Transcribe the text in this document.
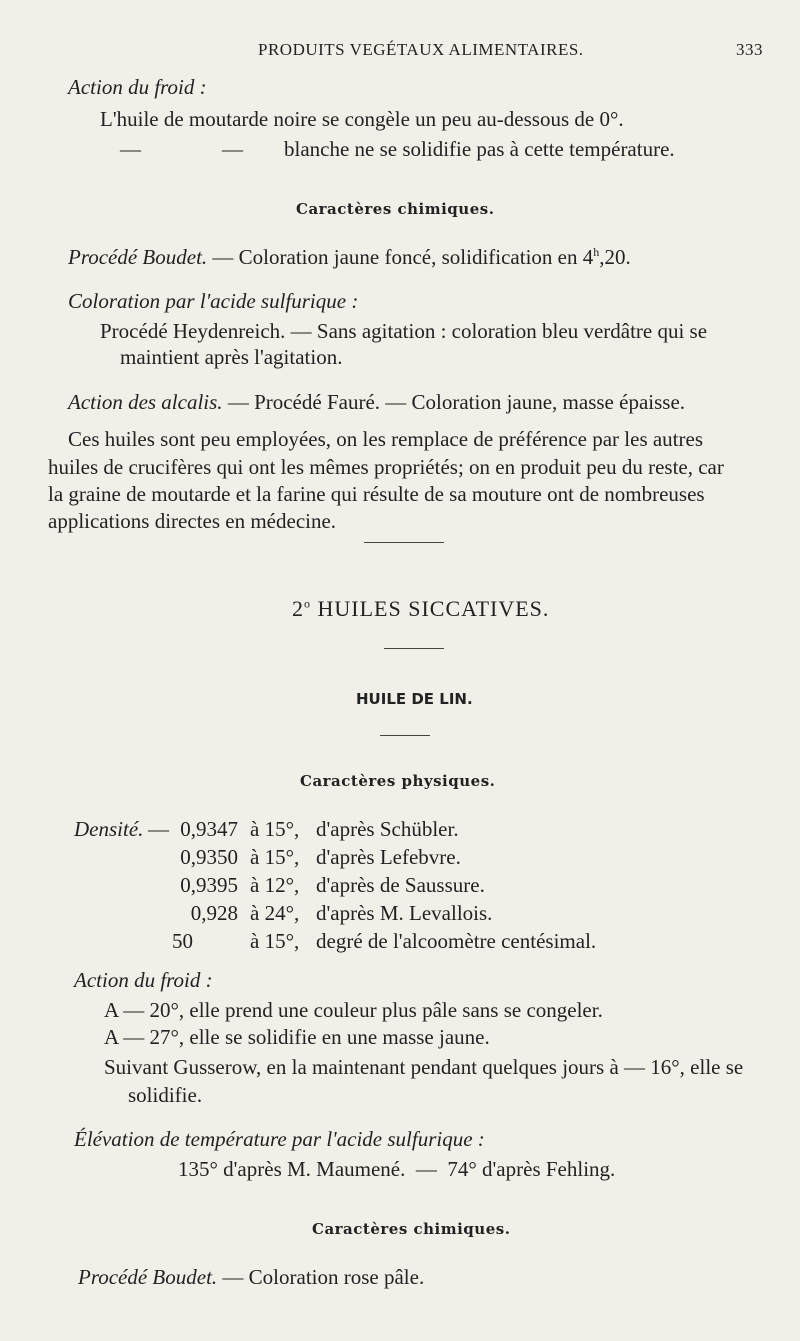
PRODUITS VEGÉTAUX ALIMENTAIRES.	333
Action du froid :
L'huile de moutarde noire se congèle un peu au-dessous de 0°.
—	— blanche ne se solidifie pas à cette température.
Caractères chimiques.
Procédé Boudet. — Coloration jaune foncé, solidification en 4$^h$,20.
Coloration par l'acide sulfurique :
Procédé Heydenreich. — Sans agitation : coloration bleu verdâtre qui se
maintient après l'agitation.
Action des alcalis. — Procédé Fauré. — Coloration jaune, masse épaisse.
Ces huiles sont peu employées, on les remplace de préférence par les autres
huiles de crucifères qui ont les mêmes propriétés; on en produit peu du reste, car
la graine de moutarde et la farine qui résulte de sa mouture ont de nombreuses
applications directes en médecine.
2$^o$ HUILES SICCATIVES.
HUILE DE LIN.
Caractères physiques.
Densité. — 0,9347
0,9350
0,9395
0,928
50
à 15°,
à 15°,
à 12°,
à 24°,
à 15°,
d'après Schübler.
d'après Lefebvre.
d'après de Saussure.
d'après M. Levallois.
degré de l'alcoomètre centésimal.
Action du froid :
A — 20°, elle prend une couleur plus pâle sans se congeler.
A — 27°, elle se solidifie en une masse jaune.
Suivant Gusserow, en la maintenant pendant quelques jours à — 16°, elle se
solidifie.
Élévation de température par l'acide sulfurique :
135° d'après M. Maumené.  —  74° d'après Fehling.
Caractères chimiques.
Procédé Boudet. — Coloration rose pâle.
